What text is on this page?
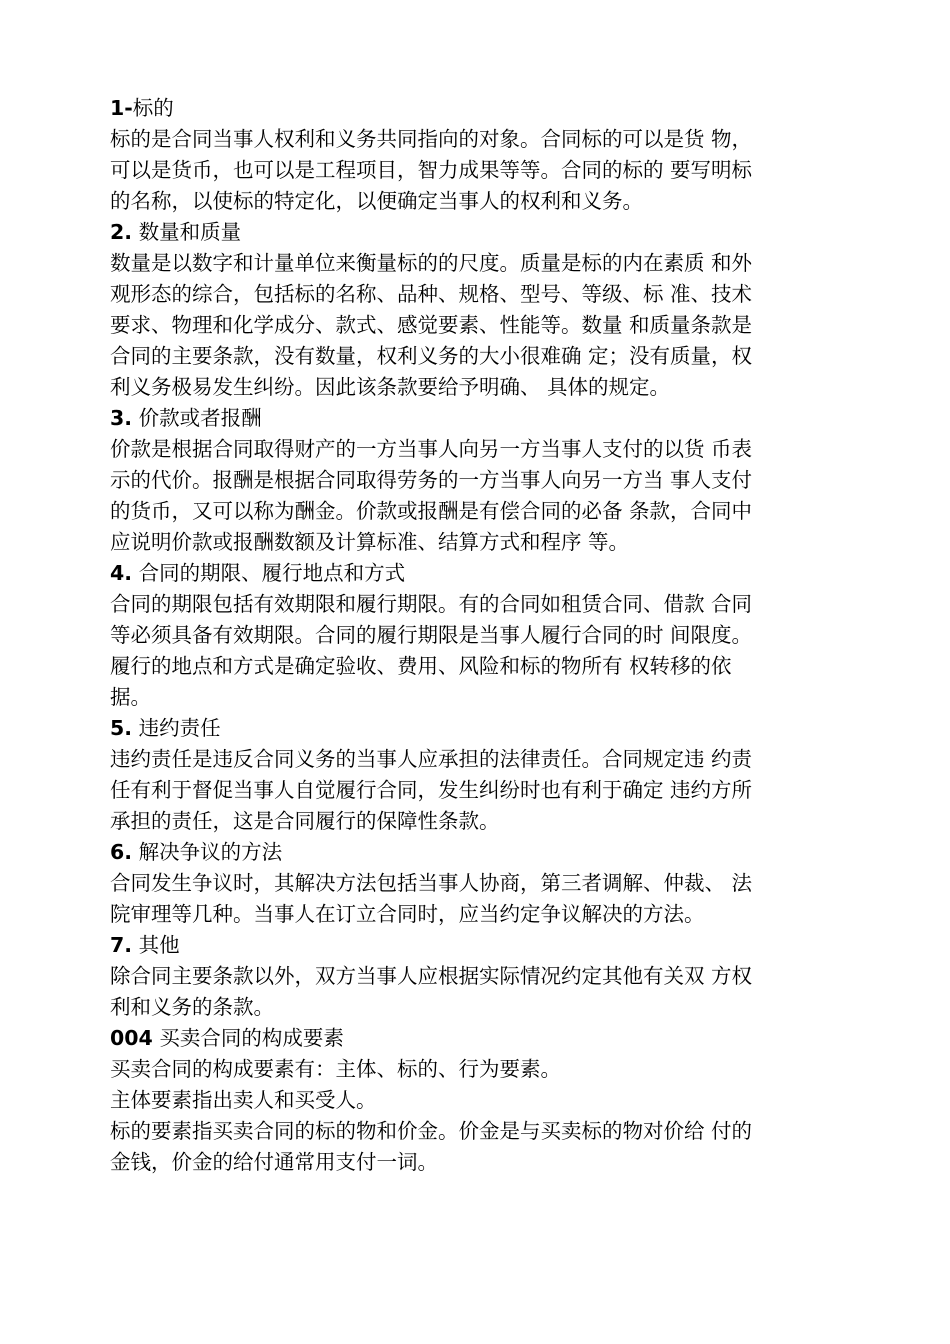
1-标的
标的是合同当事人权利和义务共同指向的对象。合同标的可以是货 物，
可以是货币，也可以是工程项目，智力成果等等。合同的标的 要写明标
的名称，以使标的特定化，以便确定当事人的权利和义务。
2. 数量和质量
数量是以数字和计量单位来衡量标的的尺度。质量是标的内在素质 和外
观形态的综合，包括标的名称、品种、规格、型号、等级、标 准、技术
要求、物理和化学成分、款式、感觉要素、性能等。数量 和质量条款是
合同的主要条款，没有数量，权利义务的大小很难确 定；没有质量，权
利义务极易发生纠纷。因此该条款要给予明确、 具体的规定。
3. 价款或者报酬
价款是根据合同取得财产的一方当事人向另一方当事人支付的以货 币表
示的代价。报酬是根据合同取得劳务的一方当事人向另一方当 事人支付
的货币，又可以称为酬金。价款或报酬是有偿合同的必备 条款，合同中
应说明价款或报酬数额及计算标准、结算方式和程序 等。
4. 合同的期限、履行地点和方式
合同的期限包括有效期限和履行期限。有的合同如租赁合同、借款 合同
等必须具备有效期限。合同的履行期限是当事人履行合同的时 间限度。
履行的地点和方式是确定验收、费用、风险和标的物所有 权转移的依
据。
5. 违约责任
违约责任是违反合同义务的当事人应承担的法律责任。合同规定违 约责
任有利于督促当事人自觉履行合同，发生纠纷时也有利于确定 违约方所
承担的责任，这是合同履行的保障性条款。
6. 解决争议的方法
合同发生争议时，其解决方法包括当事人协商，第三者调解、仲裁、 法
院审理等几种。当事人在订立合同时，应当约定争议解决的方法。
7. 其他
除合同主要条款以外，双方当事人应根据实际情况约定其他有关双 方权
利和义务的条款。
004 买卖合同的构成要素
买卖合同的构成要素有：主体、标的、行为要素。
主体要素指出卖人和买受人。
标的要素指买卖合同的标的物和价金。价金是与买卖标的物对价给 付的
金钱，价金的给付通常用支付一词。
